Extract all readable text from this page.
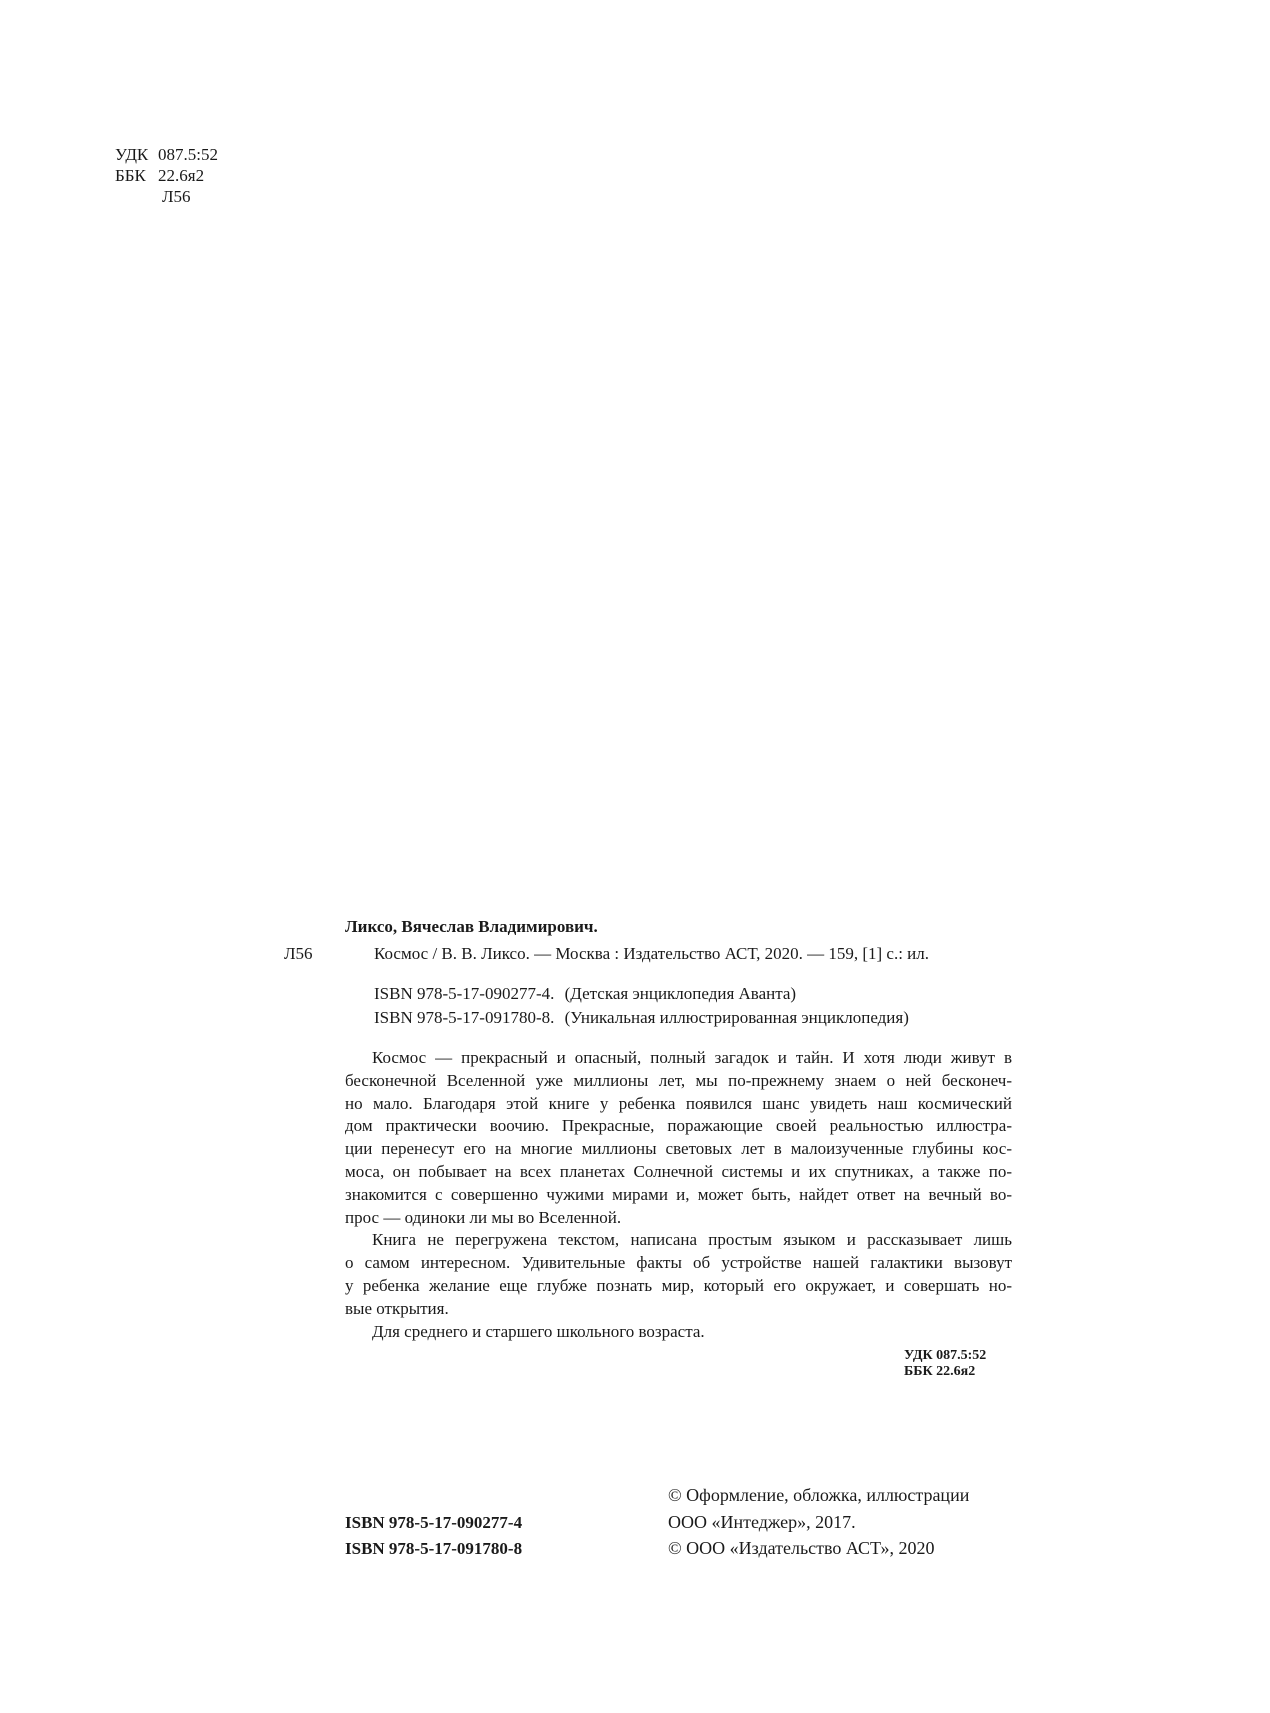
УДК 087.5:52
ББК 22.6я2
Л56
Ликсо, Вячеслав Владимирович.
Л56	Космос / В. В. Ликсо. — Москва : Издательство АСТ, 2020. — 159, [1] с.: ил.
ISBN 978-5-17-090277-4. (Детская энциклопедия Аванта)
ISBN 978-5-17-091780-8. (Уникальная иллюстрированная энциклопедия)

Космос — прекрасный и опасный, полный загадок и тайн. И хотя люди живут в
бесконечной Вселенной уже миллионы лет, мы по-прежнему знаем о ней бесконеч-
но мало. Благодаря этой книге у ребенка появился шанс увидеть наш космический
дом практически воочию. Прекрасные, поражающие своей реальностью иллюстра-
ции перенесут его на многие миллионы световых лет в малоизученные глубины кос-
моса, он побывает на всех планетах Солнечной системы и их спутниках, а также по-
знакомится с совершенно чужими мирами и, может быть, найдет ответ на вечный во-
прос — одиноки ли мы во Вселенной.

Книга не перегружена текстом, написана простым языком и рассказывает лишь
о самом интересном. Удивительные факты об устройстве нашей галактики вызовут
у ребенка желание еще глубже познать мир, который его окружает, и совершать но-
вые открытия.

Для среднего и старшего школьного возраста.

УДК 087.5:52
ББК 22.6я2
ISBN 978-5-17-090277-4
ISBN 978-5-17-091780-8
© Оформление, обложка, иллюстрации
ООО «Интеджер», 2017.
© ООО «Издательство АСТ», 2020
